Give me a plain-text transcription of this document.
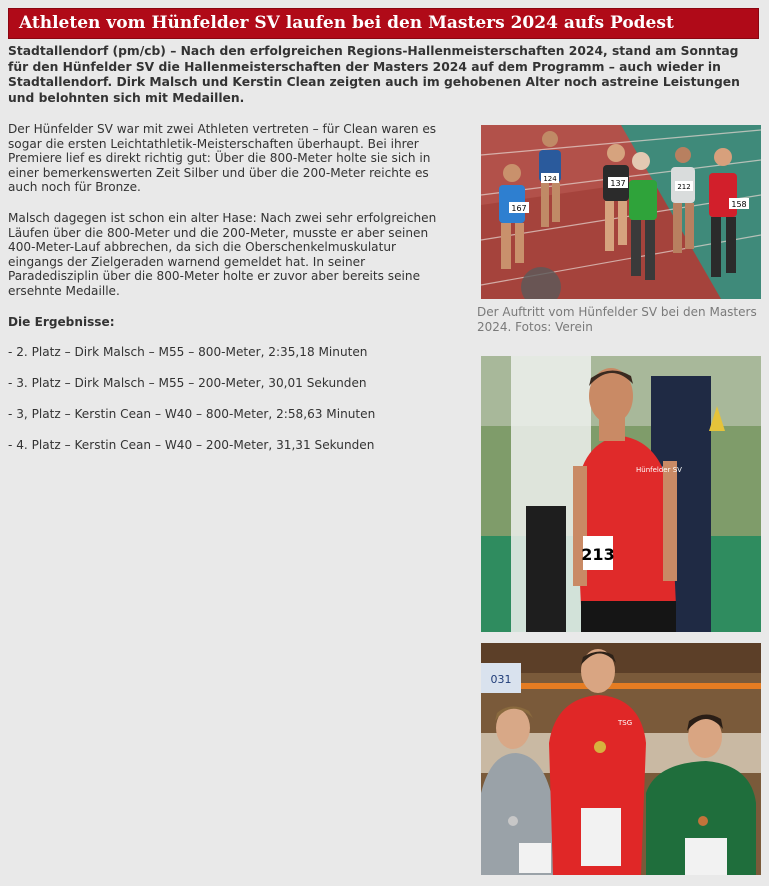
Athleten vom Hünfelder SV laufen bei den Masters 2024 aufs Podest
Stadtallendorf (pm/cb) – Nach den erfolgreichen Regions-Hallenmeisterschaften 2024, stand am Sonntag für den Hünfelder SV die Hallenmeisterschaften der Masters 2024 auf dem Programm – auch wieder in Stadtallendorf. Dirk Malsch und Kerstin Clean zeigten auch im gehobenen Alter noch astreine Leistungen und belohnten sich mit Medaillen.

Der Hünfelder SV war mit zwei Athleten vertreten – für Clean waren es sogar die ersten Leichtathletik-Meisterschaften überhaupt. Bei ihrer Premiere lief es direkt richtig gut: Über die 800-Meter holte sie sich in einer bemerkenswerten Zeit Silber und über die 200-Meter reichte es auch noch für Bronze.

Malsch dagegen ist schon ein alter Hase: Nach zwei sehr erfolgreichen Läufen über die 800-Meter und die 200-Meter, musste er aber seinen 400-Meter-Lauf abbrechen, da sich die Oberschenkelmuskulatur eingangs der Zielgeraden warnend gemeldet hat. In seiner Paradedisziplin über die 800-Meter holte er zuvor aber bereits seine ersehnte Medaille.

Die Ergebnisse:

- 2. Platz – Dirk Malsch – M55 – 800-Meter, 2:35,18 Minuten

- 3. Platz – Dirk Malsch – M55 – 200-Meter, 30,01 Sekunden

- 3, Platz – Kerstin Cean – W40 – 800-Meter, 2:58,63 Minuten

- 4. Platz – Kerstin Cean – W40 – 200-Meter, 31,31 Sekunden

167
137
124
212
158
Der Auftritt vom Hünfelder SV bei den Masters 2024. Fotos: Verein
213
Hünfelder SV
031
TSG
